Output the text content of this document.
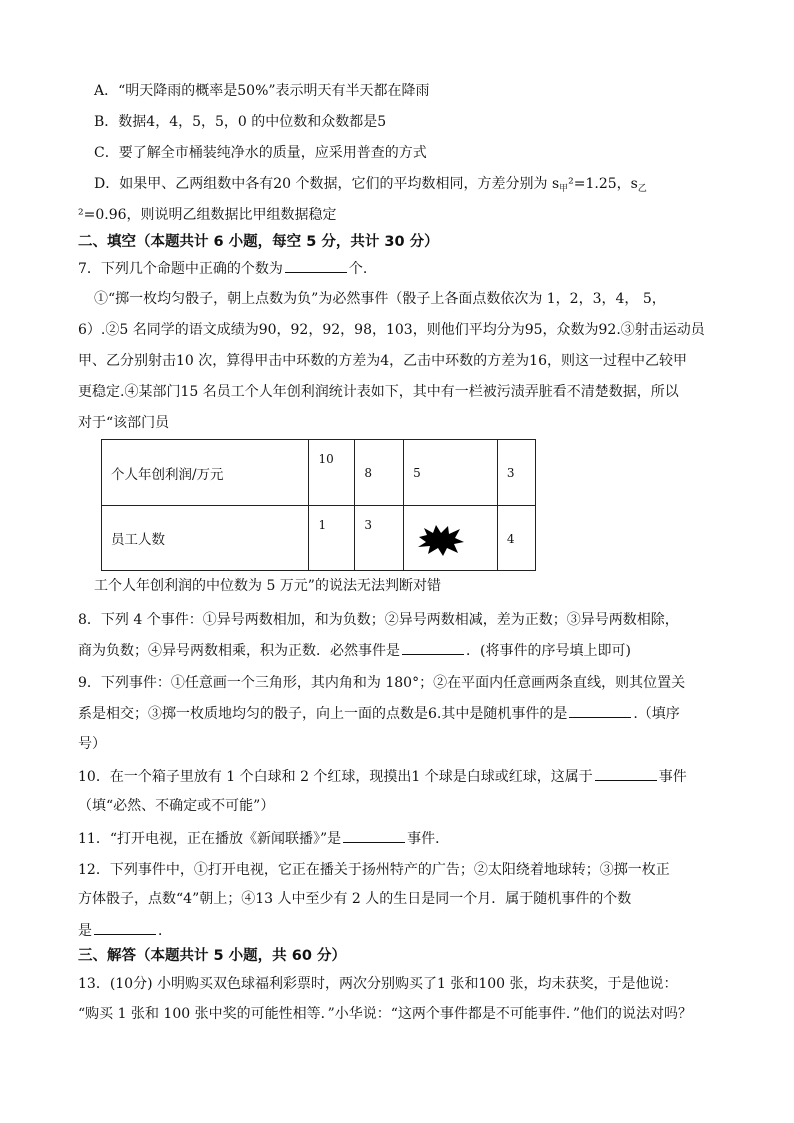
A．“明天降雨的概率是50%”表示明天有半天都在降雨
B．数据4，4，5，5，0 的中位数和众数都是5
C．要了解全市桶装纯净水的质量，应采用普查的方式
D．如果甲、乙两组数中各有20 个数据，它们的平均数相同，方差分别为 $s_甲^2=1.25$，$s_乙$
²=0.96，则说明乙组数据比甲组数据稳定
二、填空（本题共计 6 小题，每空 5 分，共计 30 分）
7．下列几个命题中正确的个数为	个.
①“掷一枚均匀骰子，朝上点数为负”为必然事件（骰子上各面点数依次为 1，2，3，4， 5，
6）.②5 名同学的语文成绩为90，92，92，98，103，则他们平均分为95，众数为92.③射击运动员
甲、乙分别射击10 次，算得甲击中环数的方差为4，乙击中环数的方差为16，则这一过程中乙较甲
更稳定.④某部门15 名员工个人年创利润统计表如下，其中有一栏被污渍弄脏看不清楚数据，所以
对于“该部门员
个人年创利润/万元	10	8	5	3

员工人数	1	3		4
工个人年创利润的中位数为 5 万元”的说法无法判断对错
8．下列 4 个事件：①异号两数相加，和为负数；②异号两数相减，差为正数；③异号两数相除，
商为负数；④异号两数相乘，积为正数．必然事件是	．(将事件的序号填上即可)
9．下列事件：①任意画一个三角形，其内角和为 180°；②在平面内任意画两条直线，则其位置关
系是相交；③掷一枚质地均匀的骰子，向上一面的点数是6.其中是随机事件的是	.（填序
号）
10．在一个箱子里放有 1 个白球和 2 个红球，现摸出1 个球是白球或红球，这属于	事件
（填“必然、不确定或不可能”）
11．“打开电视，正在播放《新闻联播》”是	事件．
12．下列事件中，①打开电视，它正在播关于扬州特产的广告；②太阳绕着地球转；③掷一枚正
方体骰子，点数“4”朝上；④13 人中至少有 2 人的生日是同一个月．属于随机事件的个数
是	．
三、解答（本题共计 5 小题，共 60 分）
13．(10分) 小明购买双色球福利彩票时，两次分别购买了1 张和100 张，均未获奖，于是他说：
“购买 1 张和 100 张中奖的可能性相等．”小华说：“这两个事件都是不可能事件．”他们的说法对吗？
